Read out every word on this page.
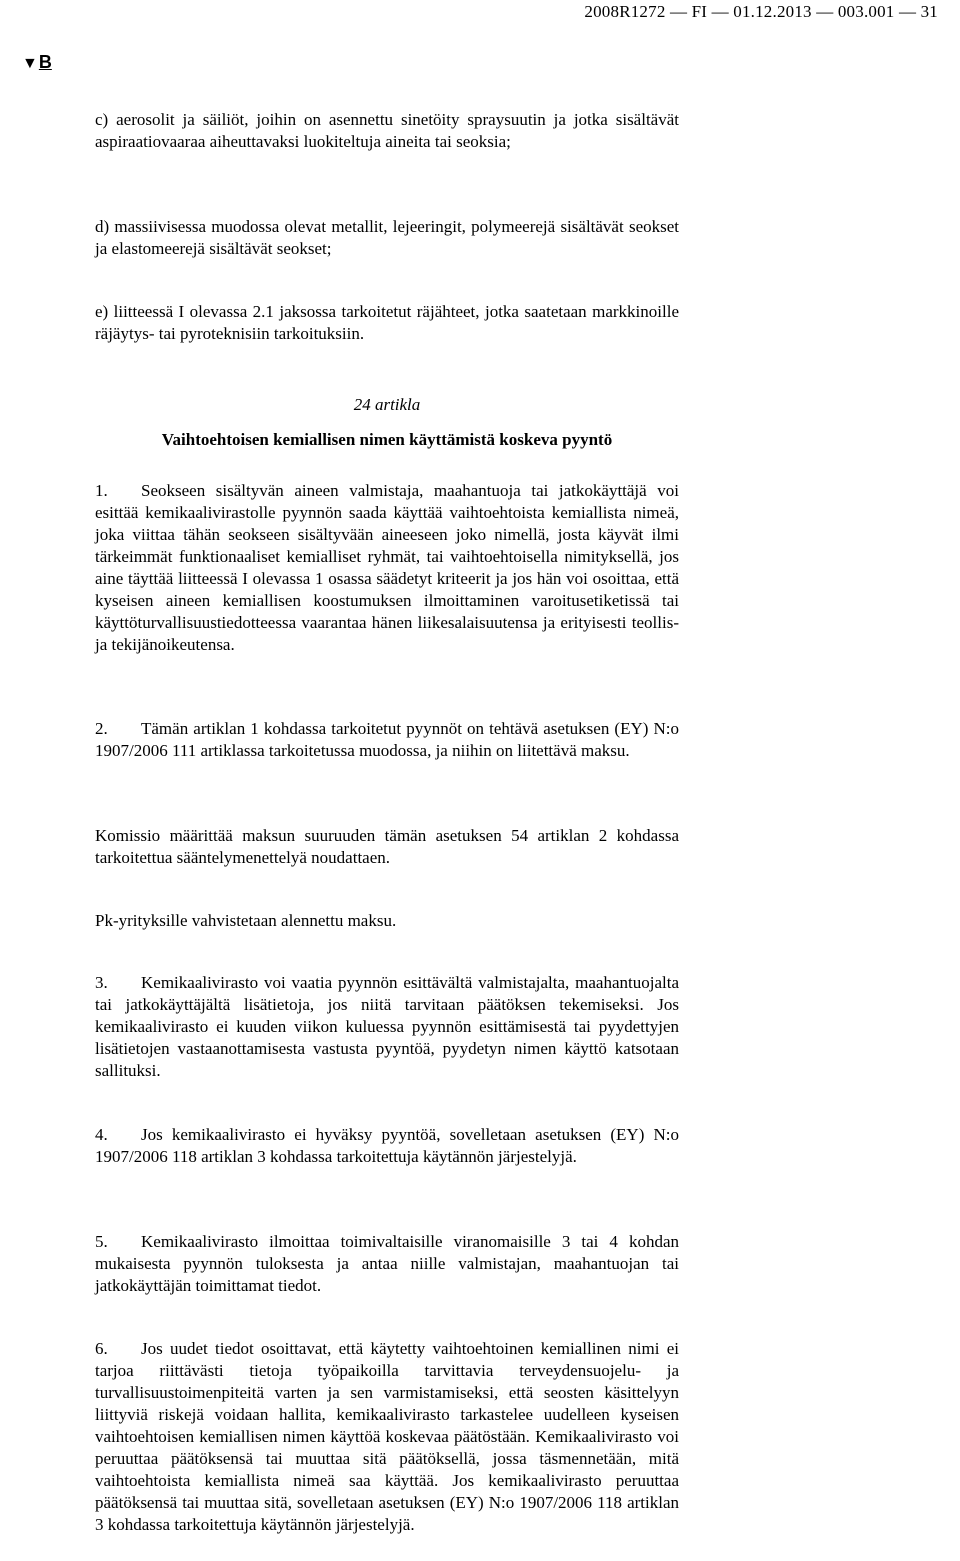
2008R1272 — FI — 01.12.2013 — 003.001 — 31
▼B

c) aerosolit ja säiliöt, joihin on asennettu sinetöity spraysuutin ja jotka sisältävät aspiraatiovaaraa aiheuttavaksi luokiteltuja aineita tai seoksia;

d) massiivisessa muodossa olevat metallit, lejeeringit, polymeerejä sisältävät seokset ja elastomeerejä sisältävät seokset;

e) liitteessä I olevassa 2.1 jaksossa tarkoitetut räjähteet, jotka saatetaan markkinoille räjäytys- tai pyroteknisiin tarkoituksiin.

24 artikla
Vaihtoehtoisen kemiallisen nimen käyttämistä koskeva pyyntö

1. Seokseen sisältyvän aineen valmistaja, maahantuoja tai jatkokäyttäjä voi esittää kemikaalivirastolle pyynnön saada käyttää vaihtoehtoista kemiallista nimeä, joka viittaa tähän seokseen sisältyvään aineeseen joko nimellä, josta käyvät ilmi tärkeimmät funktionaaliset kemialliset ryhmät, tai vaihtoehtoisella nimityksellä, jos aine täyttää liitteessä I olevassa 1 osassa säädetyt kriteerit ja jos hän voi osoittaa, että kyseisen aineen kemiallisen koostumuksen ilmoittaminen varoitusetiketissä tai käyttöturvallisuustiedotteessa vaarantaa hänen liikesalaisuutensa ja erityisesti teollis- ja tekijänoikeutensa.

2. Tämän artiklan 1 kohdassa tarkoitetut pyynnöt on tehtävä asetuksen (EY) N:o 1907/2006 111 artiklassa tarkoitetussa muodossa, ja niihin on liitettävä maksu.

Komissio määrittää maksun suuruuden tämän asetuksen 54 artiklan 2 kohdassa tarkoitettua sääntelymenettelyä noudattaen.

Pk-yrityksille vahvistetaan alennettu maksu.

3. Kemikaalivirasto voi vaatia pyynnön esittävältä valmistajalta, maahantuojalta tai jatkokäyttäjältä lisätietoja, jos niitä tarvitaan päätöksen tekemiseksi. Jos kemikaalivirasto ei kuuden viikon kuluessa pyynnön esittämisestä tai pyydettyjen lisätietojen vastaanottamisesta vastusta pyyntöä, pyydetyn nimen käyttö katsotaan sallituksi.

4. Jos kemikaalivirasto ei hyväksy pyyntöä, sovelletaan asetuksen (EY) N:o 1907/2006 118 artiklan 3 kohdassa tarkoitettuja käytännön järjestelyjä.

5. Kemikaalivirasto ilmoittaa toimivaltaisille viranomaisille 3 tai 4 kohdan mukaisesta pyynnön tuloksesta ja antaa niille valmistajan, maahantuojan tai jatkokäyttäjän toimittamat tiedot.

6. Jos uudet tiedot osoittavat, että käytetty vaihtoehtoinen kemiallinen nimi ei tarjoa riittävästi tietoja työpaikoilla tarvittavia terveydensuojelu- ja turvallisuustoimenpiteitä varten ja sen varmistamiseksi, että seosten käsittelyyn liittyviä riskejä voidaan hallita, kemikaalivirasto tarkastelee uudelleen kyseisen vaihtoehtoisen kemiallisen nimen käyttöä koskevaa päätöstään. Kemikaalivirasto voi peruuttaa päätöksensä tai muuttaa sitä päätöksellä, jossa täsmennetään, mitä vaihtoehtoista kemiallista nimeä saa käyttää. Jos kemikaalivirasto peruuttaa päätöksensä tai muuttaa sitä, sovelletaan asetuksen (EY) N:o 1907/2006 118 artiklan 3 kohdassa tarkoitettuja käytännön järjestelyjä.
